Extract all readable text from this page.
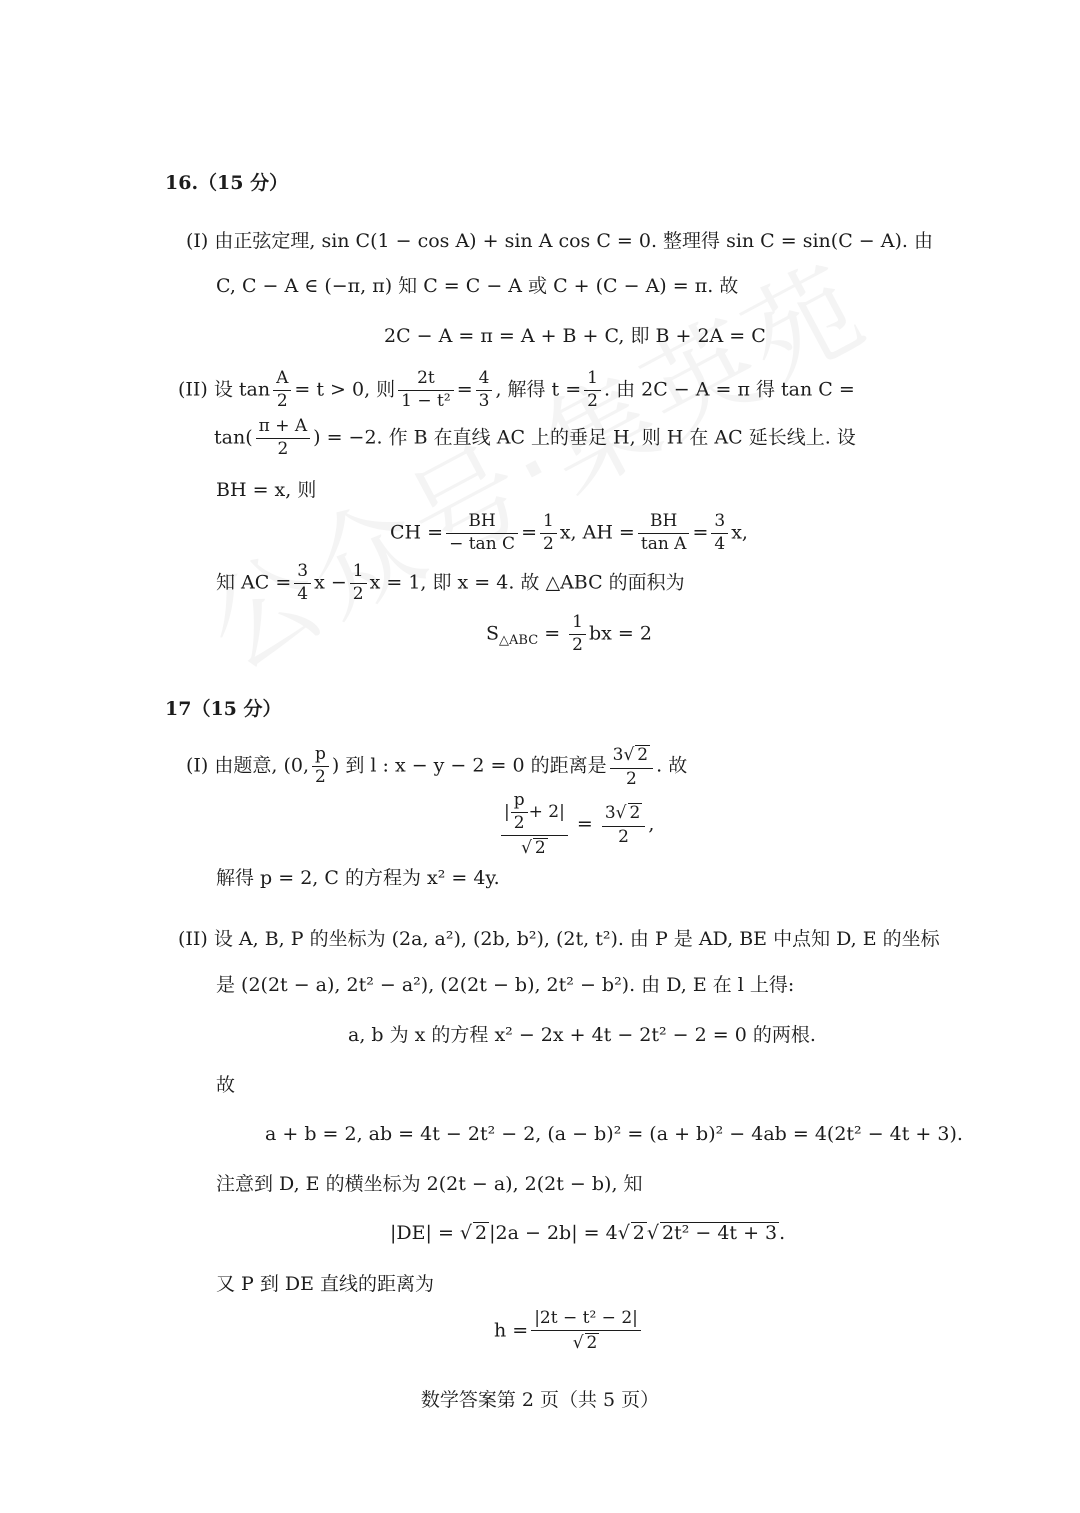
16.（15 分）
(I) 由正弦定理, sin C(1 − cos A) + sin A cos C = 0. 整理得 sin C = sin(C − A). 由
C, C − A ∈ (−π, π) 知 C = C − A 或 C + (C − A) = π. 故
2C − A = π = A + B + C, 即 B + 2A = C
(II) 设 $\tan \frac{A}{2} = t > 0$, 则 $\frac{2t}{\text{1 − t²}} = \frac{4}{3}$ , 解得 $t = \frac{1}{2}$ . 由 2C − A = π 得 tan C =
$\tan( \frac{\pi + A}{2}$ ) = −2. 作 B 在直线 AC 上的垂足 H, 则 H 在 AC 延长线上. 设
BH = x, 则
CH = $\frac{BH}{\text{− tan C}} = \frac{1}{2} x$, AH = $\frac{BH}{\text{tan A}} = \frac{3}{4} x$,
知 AC = $\frac{3}{4}$ $x - \frac{1}{2}$ x = 1, 即 x = 4. 故 △ABC 的面积为
$S_{\triangle ABC} = \frac{1}{2}$ bx = 2
17（15 分）
(I) 由题意, (0, $\frac{p}{2}$ ) 到 l : x − y − 2 = 0 的距离是 $\frac{3√ 2}{2}$ . 故
$\frac{| \frac{p}{2} + 2|}{√ 2} = \frac{3√ 2}{2}$ ,
解得 p = 2, C 的方程为 x² = 4y.
(II) 设 A, B, P 的坐标为 (2a, a²), (2b, b²), (2t, t²). 由 P 是 AD, BE 中点知 D, E 的坐标
是 (2(2t − a), 2t² − a²), (2(2t − b), 2t² − b²). 由 D, E 在 l 上得:
a, b 为 x 的方程 x² − 2x + 4t − 2t² − 2 = 0 的两根.
故
a + b = 2, ab = 4t − 2t² − 2, (a − b)² = (a + b)² − 4ab = 4(2t² − 4t + 3).
注意到 D, E 的横坐标为 2(2t − a), 2(2t − b), 知
|DE| = √ 2 |2a − 2b| = 4√ 2 √ 2t² − 4t + 3 .
又 P 到 DE 直线的距离为
$h = \frac{\text{|2t − t² − 2|}}{√ 2}$
数学答案第 2 页（共 5 页）
